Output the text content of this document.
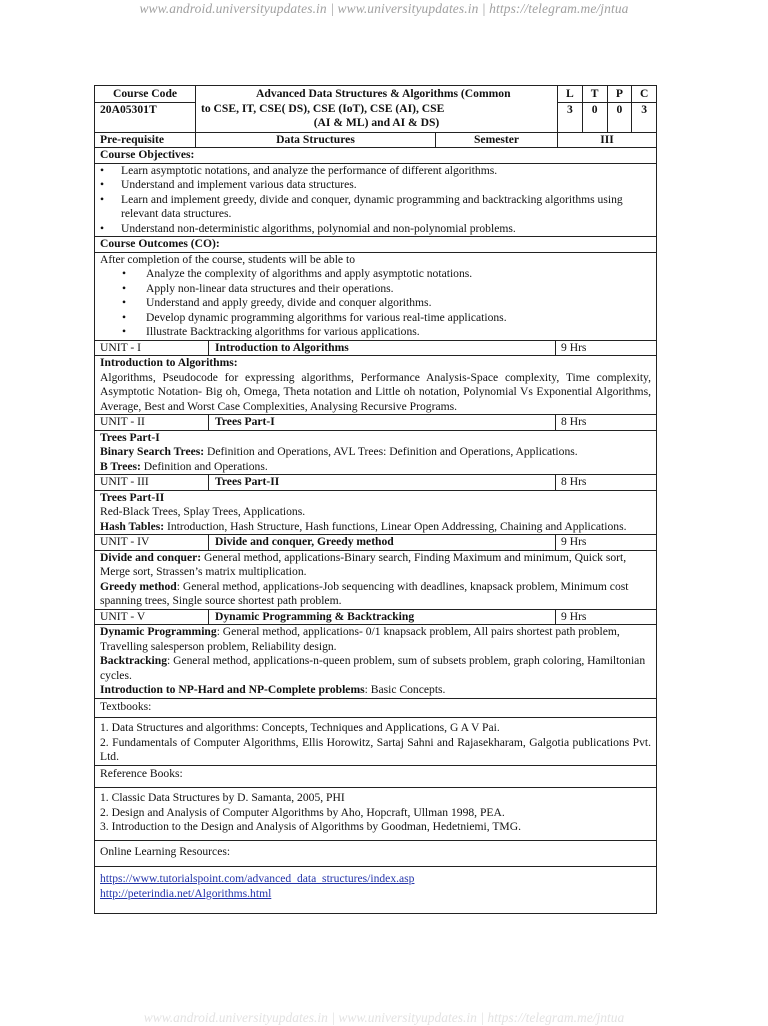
www.android.universityupdates.in | www.universityupdates.in | https://telegram.me/jntua
Course Code
20A05301T
Advanced Data Structures & Algorithms (Common
to CSE, IT, CSE( DS), CSE (IoT), CSE (AI), CSE
(AI & ML) and AI & DS)
L	T	P	C
3	0	0	3
Pre-requisite	Data Structures	Semester	III
Course Objectives:
•	Learn asymptotic notations, and analyze the performance of different algorithms.
•	Understand and implement various data structures.
•	Learn and implement greedy, divide and conquer, dynamic programming and backtracking algorithms using relevant data structures.
•	Understand non-deterministic algorithms, polynomial and non-polynomial problems.
Course Outcomes (CO):
After completion of the course, students will be able to
•	Analyze the complexity of algorithms and apply asymptotic notations.
•	Apply non-linear data structures and their operations.
•	Understand and apply greedy, divide and conquer algorithms.
•	Develop dynamic programming algorithms for various real-time applications.
•	Illustrate Backtracking algorithms for various applications.
UNIT - I	Introduction to Algorithms	9 Hrs
Introduction to Algorithms:
Algorithms, Pseudocode for expressing algorithms, Performance Analysis-Space complexity, Time complexity, Asymptotic Notation- Big oh, Omega, Theta notation and Little oh notation, Polynomial Vs Exponential Algorithms, Average, Best and Worst Case Complexities, Analysing Recursive Programs.
UNIT - II	Trees Part-I	8 Hrs
Trees Part-I
Binary Search Trees: Definition and Operations, AVL Trees: Definition and Operations, Applications.
B Trees: Definition and Operations.
UNIT - III	Trees Part-II	8 Hrs
Trees Part-II
Red-Black Trees, Splay Trees, Applications.
Hash Tables: Introduction, Hash Structure, Hash functions, Linear Open Addressing, Chaining and Applications.
UNIT - IV	Divide and conquer, Greedy method	9 Hrs
Divide and conquer: General method, applications-Binary search, Finding Maximum and minimum, Quick sort, Merge sort, Strassen’s matrix multiplication.
Greedy method: General method, applications-Job sequencing with deadlines, knapsack problem, Minimum cost spanning trees, Single source shortest path problem.
UNIT - V	Dynamic Programming & Backtracking	9 Hrs
Dynamic Programming: General method, applications- 0/1 knapsack problem, All pairs shortest path problem, Travelling salesperson problem, Reliability design.
Backtracking: General method, applications-n-queen problem, sum of subsets problem, graph coloring, Hamiltonian cycles.
Introduction to NP-Hard and NP-Complete problems: Basic Concepts.
Textbooks:
1. Data Structures and algorithms: Concepts, Techniques and Applications, G A V Pai.
2. Fundamentals of Computer Algorithms, Ellis Horowitz, Sartaj Sahni and Rajasekharam, Galgotia publications Pvt. Ltd.
Reference Books:
1. Classic Data Structures by D. Samanta, 2005, PHI
2. Design and Analysis of Computer Algorithms by Aho, Hopcraft, Ullman 1998, PEA.
3. Introduction to the Design and Analysis of Algorithms by Goodman, Hedetniemi, TMG.
Online Learning Resources:
https://www.tutorialspoint.com/advanced_data_structures/index.asp
http://peterindia.net/Algorithms.html
www.android.universityupdates.in | www.universityupdates.in | https://telegram.me/jntua
